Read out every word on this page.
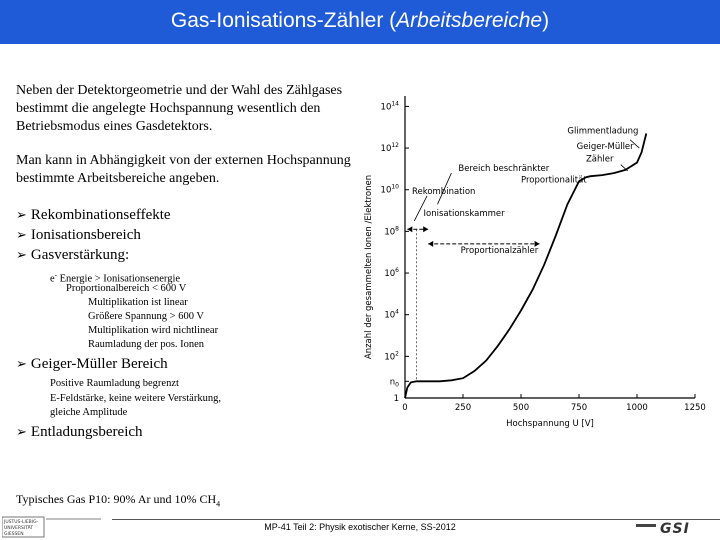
Gas-Ionisations-Zähler (Arbeitsbereiche)
Neben der Detektorgeometrie und der Wahl des Zählgases bestimmt die angelegte Hochspannung wesentlich den Betriebsmodus eines Gasdetektors.
Man kann in Abhängigkeit von der externen Hochspannung bestimmte Arbeitsbereiche angeben.
➢ Rekombinationseffekte
➢ Ionisationsbereich
➢ Gasverstärkung:
e- Energie > Ionisationsenergie
Proportionalbereich < 600 V
Multiplikation ist linear
Größere Spannung > 600 V
Multiplikation wird nichtlinear
Raumladung der pos. Ionen
➢ Geiger-Müller Bereich
Positive Raumladung begrenzt
E-Feldstärke, keine weitere Verstärkung,
gleiche Amplitude
➢ Entladungsbereich
Typisches Gas P10: 90% Ar und 10% $CH_4$
0	250	500	750	1000	1250
$10^{14}$
$10^{12}$
$10^{10}$
$10^8$
$10^6$
$10^4$
$10^2$
$n_0$
1
Hochspannung U [V]
Anzahl der gesammelten Ionen /Elektronen
Glimmentladung
Geiger-Müller
Zähler
Bereich beschränkter
Proportionalität
Rekombination
Ionisationskammer
Proportionalzähler
MP-41 Teil 2: Physik exotischer Kerne, SS-2012
JUSTUS-LIEBIG-
UNIVERSITÄT
GIESSEN	GSI
